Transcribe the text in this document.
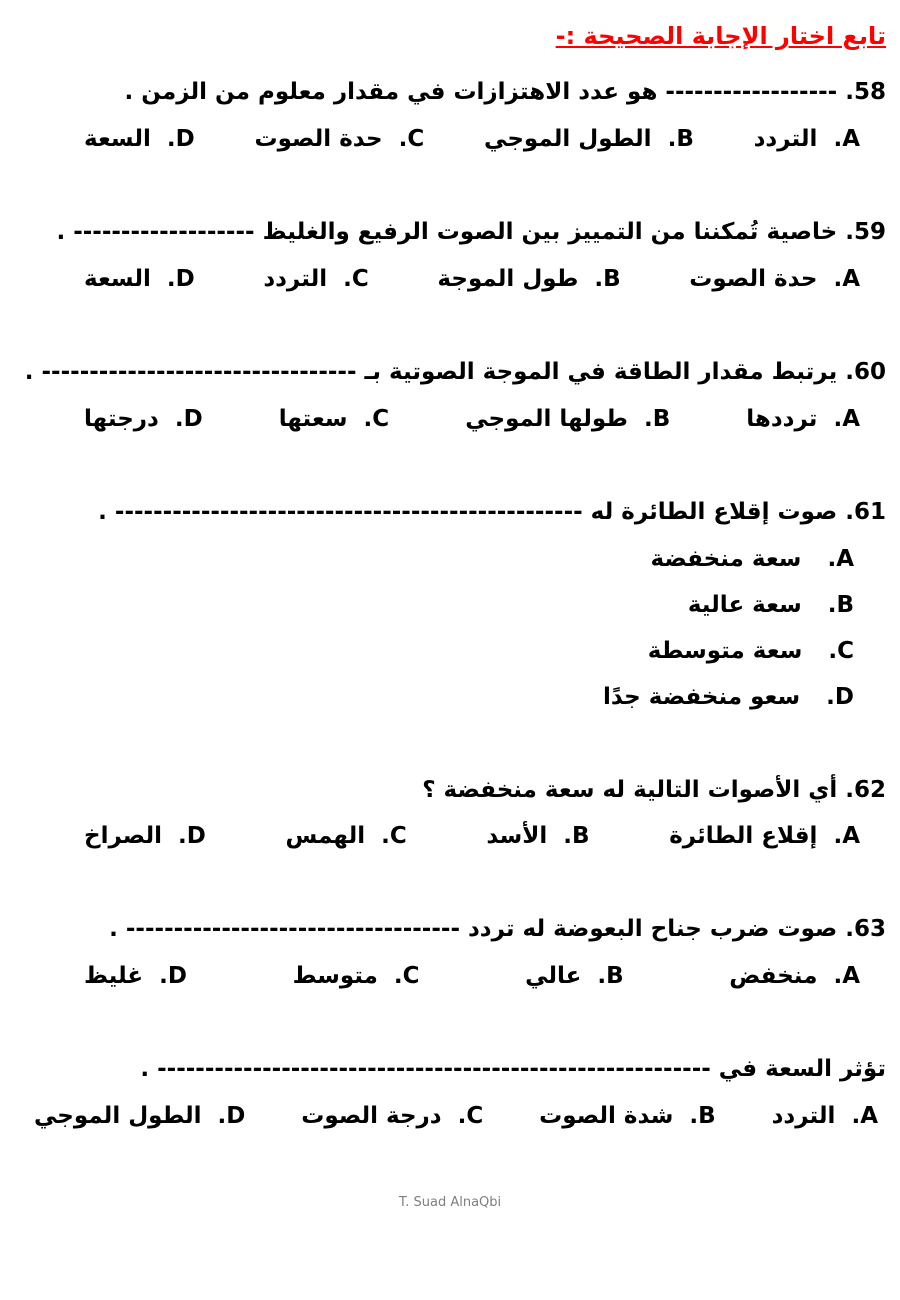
تابع اختار الإجابة الصحيحة :-

58. ------------------ هو عدد الاهتزازات في مقدار معلوم من الزمن .

A.
التردد
B.
الطول الموجي
C.
حدة الصوت
D.
السعة

59. خاصية تُمكننا من التمييز بين الصوت الرفيع والغليظ ------------------- .

A.
حدة الصوت
B.
طول الموجة
C.
التردد
D.
السعة

60. يرتبط مقدار الطاقة في الموجة الصوتية بـ --------------------------------- .

A.
ترددها
B.
طولها الموجي
C.
سعتها
D.
درجتها

61. صوت إقلاع الطائرة له ------------------------------------------------- .

A.
سعة منخفضة
B.
سعة عالية
C.
سعة متوسطة
D.
سعو منخفضة جدًا

62. أي الأصوات التالية له سعة منخفضة ؟

A.
إقلاع الطائرة
B.
الأسد
C.
الهمس
D.
الصراخ

63. صوت ضرب جناح البعوضة له تردد ----------------------------------- .

A.
منخفض
B.
عالي
C.
متوسط
D.
غليظ

تؤثر السعة في ---------------------------------------------------------- .

A.
التردد
B.
شدة الصوت
C.
درجة الصوت
D.
الطول الموجي
T. Suad AlnaQbi
